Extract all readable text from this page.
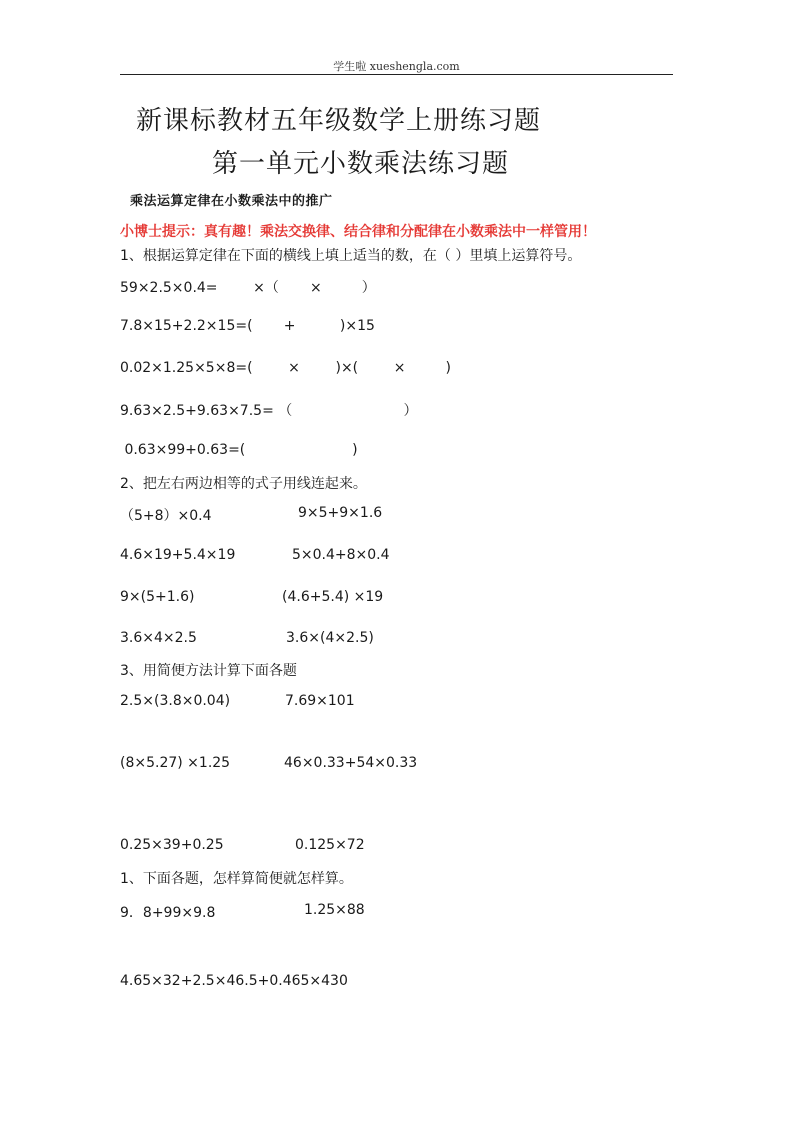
学生啦 xueshengla.com
新课标教材五年级数学上册练习题
第一单元小数乘法练习题
乘法运算定律在小数乘法中的推广
小博士提示：真有趣！乘法交换律、结合律和分配律在小数乘法中一样管用！
1、根据运算定律在下面的横线上填上适当的数，在（ ）里填上运算符号。
59×2.5×0.4=        ×（       ×         ）
7.8×15+2.2×15=(       +          )×15
0.02×1.25×5×8=(        ×        )×(        ×         )
9.63×2.5+9.63×7.5= （                         ）
0.63×99+0.63=(                        )
2、把左右两边相等的式子用线连起来。
（5+8）×0.4	9×5+9×1.6
4.6×19+5.4×19	5×0.4+8×0.4
9×(5+1.6)	(4.6+5.4) ×19
3.6×4×2.5	3.6×(4×2.5)
3、用简便方法计算下面各题
2.5×(3.8×0.04)	7.69×101
(8×5.27) ×1.25	46×0.33+54×0.33
0.25×39+0.25	0.125×72
1、下面各题，怎样算简便就怎样算。
9．8+99×9.8	1.25×88
4.65×32+2.5×46.5+0.465×430
